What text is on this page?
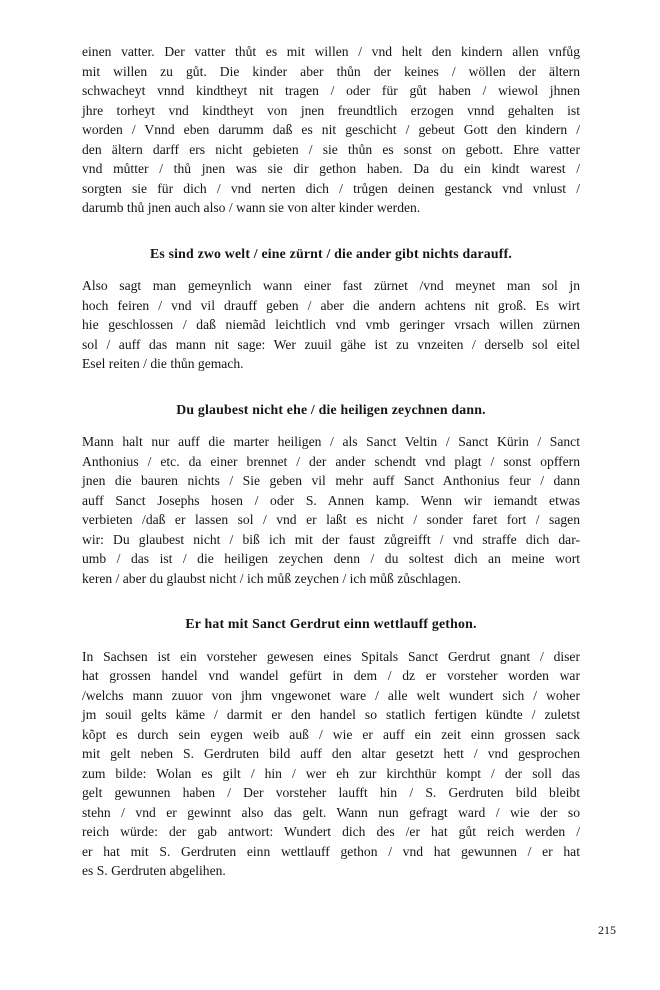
einen vatter. Der vatter thůt es mit willen / vnd helt den kindern allen vnfůg
mit willen zu gůt. Die kinder aber thůn der keines / wöllen der ältern
schwacheyt vnnd kindtheyt nit tragen / oder für gůt haben / wiewol jhnen
jhre torheyt vnd kindtheyt von jnen freundtlich erzogen vnnd gehalten ist
worden / Vnnd eben darumm daß es nit geschicht / gebeut Gott den kindern /
den ältern darff ers nicht gebieten / sie thůn es sonst on gebott. Ehre vatter
vnd můtter / thů jnen was sie dir gethon haben. Da du ein kindt warest /
sorgten sie für dich / vnd nerten dich / trůgen deinen gestanck vnd vnlust /
darumb thů jnen auch also / wann sie von alter kinder werden.
Es sind zwo welt / eine zürnt / die ander gibt nichts darauff.
Also sagt man gemeynlich wann einer fast zürnet /vnd meynet man sol jn
hoch feiren / vnd vil drauff geben / aber die andern achtens nit groß. Es wirt
hie geschlossen / daß niemãd leichtlich vnd vmb geringer vrsach willen zürnen
sol / auff das mann nit sage: Wer zuuil gähe ist zu vnzeiten / derselb sol eitel
Esel reiten / die thůn gemach.
Du glaubest nicht ehe / die heiligen zeychnen dann.
Mann halt nur auff die marter heiligen / als Sanct Veltin / Sanct Kürin / Sanct
Anthonius / etc. da einer brennet / der ander schendt vnd plagt / sonst opffern
jnen die bauren nichts / Sie geben vil mehr auff Sanct Anthonius feur / dann
auff Sanct Josephs hosen / oder S. Annen kamp. Wenn wir iemandt etwas
verbieten /daß er lassen sol / vnd er laßt es nicht / sonder faret fort / sagen
wir: Du glaubest nicht / biß ich mit der faust zůgreifft / vnd straffe dich dar-
umb / das ist / die heiligen zeychen denn / du soltest dich an meine wort
keren / aber du glaubst nicht / ich můß zeychen / ich můß zůschlagen.
Er hat mit Sanct Gerdrut einn wettlauff gethon.
In Sachsen ist ein vorsteher gewesen eines Spitals Sanct Gerdrut gnant / diser
hat grossen handel vnd wandel gefürt in dem / dz er vorsteher worden war
/welchs mann zuuor von jhm vngewonet ware / alle welt wundert sich / woher
jm souil gelts käme / darmit er den handel so statlich fertigen kündte / zuletst
kõpt es durch sein eygen weib auß / wie er auff ein zeit einn grossen sack
mit gelt neben S. Gerdruten bild auff den altar gesetzt hett / vnd gesprochen
zum bilde: Wolan es gilt / hin / wer eh zur kirchthür kompt / der soll das
gelt gewunnen haben / Der vorsteher laufft hin / S. Gerdruten bild bleibt
stehn / vnd er gewinnt also das gelt. Wann nun gefragt ward / wie der so
reich würde: der gab antwort: Wundert dich des /er hat gůt reich werden /
er hat mit S. Gerdruten einn wettlauff gethon / vnd hat gewunnen / er hat
es S. Gerdruten abgelihen.
215
